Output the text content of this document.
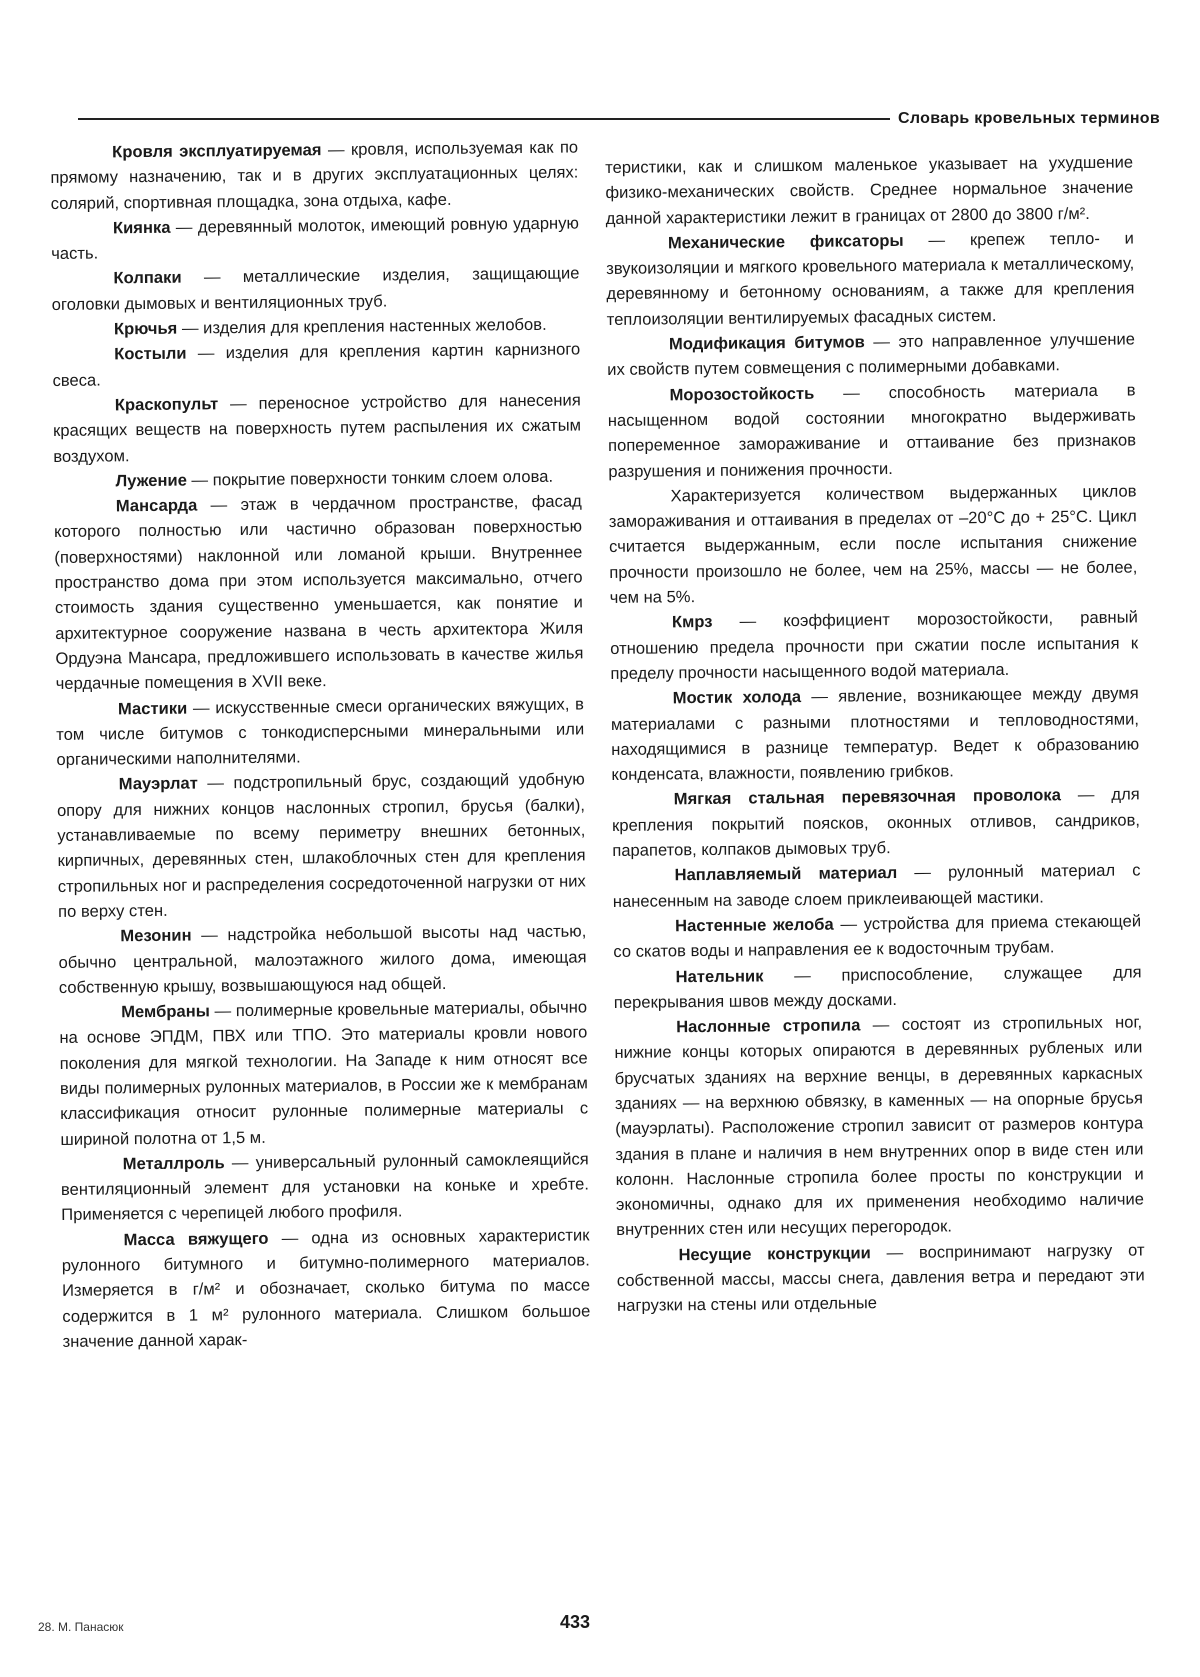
Словарь кровельных терминов

Кровля эксплуатируемая — кровля, используемая как по прямому назначению, так и в других эксплуатационных целях: солярий, спортивная площадка, зона отдыха, кафе.

Киянка — деревянный молоток, имеющий ровную ударную часть.

Колпаки — металлические изделия, защищающие оголовки дымовых и вентиляционных труб.

Крючья — изделия для крепления настенных желобов.

Костыли — изделия для крепления картин карнизного свеса.

Краскопульт — переносное устройство для нанесения красящих веществ на поверхность путем распыления их сжатым воздухом.

Лужение — покрытие поверхности тонким слоем олова.

Мансарда — этаж в чердачном пространстве, фасад которого полностью или частично образован поверхностью (поверхностями) наклонной или ломаной крыши. Внутреннее пространство дома при этом используется максимально, отчего стоимость здания существенно уменьшается, как понятие и архитектурное сооружение названа в честь архитектора Жиля Ордуэна Мансара, предложившего использовать в качестве жилья чердачные помещения в XVII веке.

Мастики — искусственные смеси органических вяжущих, в том числе битумов с тонкодисперсными минеральными или органическими наполнителями.

Мауэрлат — подстропильный брус, создающий удобную опору для нижних концов наслонных стропил, брусья (балки), устанавливаемые по всему периметру внешних бетонных, кирпичных, деревянных стен, шлакоблочных стен для крепления стропильных ног и распределения сосредоточенной нагрузки от них по верху стен.

Мезонин — надстройка небольшой высоты над частью, обычно центральной, малоэтажного жилого дома, имеющая собственную крышу, возвышающуюся над общей.

Мембраны — полимерные кровельные материалы, обычно на основе ЭПДМ, ПВХ или ТПО. Это материалы кровли нового поколения для мягкой технологии. На Западе к ним относят все виды полимерных рулонных материалов, в России же к мембранам классификация относит рулонные полимерные материалы с шириной полотна от 1,5 м.

Металлроль — универсальный рулонный самоклеящийся вентиляционный элемент для установки на коньке и хребте. Применяется с черепицей любого профиля.

Масса вяжущего — одна из основных характеристик рулонного битумного и битумно-полимерного материалов. Измеряется в г/м² и обозначает, сколько битума по массе содержится в 1 м² рулонного материала. Слишком большое значение данной харак-

теристики, как и слишком маленькое указывает на ухудшение физико-механических свойств. Среднее нормальное значение данной характеристики лежит в границах от 2800 до 3800 г/м².

Механические фиксаторы — крепеж тепло- и звукоизоляции и мягкого кровельного материала к металлическому, деревянному и бетонному основаниям, а также для крепления теплоизоляции вентилируемых фасадных систем.

Модификация битумов — это направленное улучшение их свойств путем совмещения с полимерными добавками.

Морозостойкость — способность материала в насыщенном водой состоянии многократно выдерживать попеременное замораживание и оттаивание без признаков разрушения и понижения прочности.

Характеризуется количеством выдержанных циклов замораживания и оттаивания в пределах от –20°С до + 25°С. Цикл считается выдержанным, если после испытания снижение прочности произошло не более, чем на 25%, массы — не более, чем на 5%.

Кмрз — коэффициент морозостойкости, равный отношению предела прочности при сжатии после испытания к пределу прочности насыщенного водой материала.

Мостик холода — явление, возникающее между двумя материалами с разными плотностями и тепловодностями, находящимися в разнице температур. Ведет к образованию конденсата, влажности, появлению грибков.

Мягкая стальная перевязочная проволока — для крепления покрытий поясков, оконных отливов, сандриков, парапетов, колпаков дымовых труб.

Наплавляемый материал — рулонный материал с нанесенным на заводе слоем приклеивающей мастики.

Настенные желоба — устройства для приема стекающей со скатов воды и направления ее к водосточным трубам.

Нательник — приспособление, служащее для перекрывания швов между досками.

Наслонные стропила — состоят из стропильных ног, нижние концы которых опираются в деревянных рубленых или брусчатых зданиях на верхние венцы, в деревянных каркасных зданиях — на верхнюю обвязку, в каменных — на опорные брусья (мауэрлаты). Расположение стропил зависит от размеров контура здания в плане и наличия в нем внутренних опор в виде стен или колонн. Наслонные стропила более просты по конструкции и экономичны, однако для их применения необходимо наличие внутренних стен или несущих перегородок.

Несущие конструкции — воспринимают нагрузку от собственной массы, массы снега, давления ветра и передают эти нагрузки на стены или отдельные

28. М. Панасюк	433
